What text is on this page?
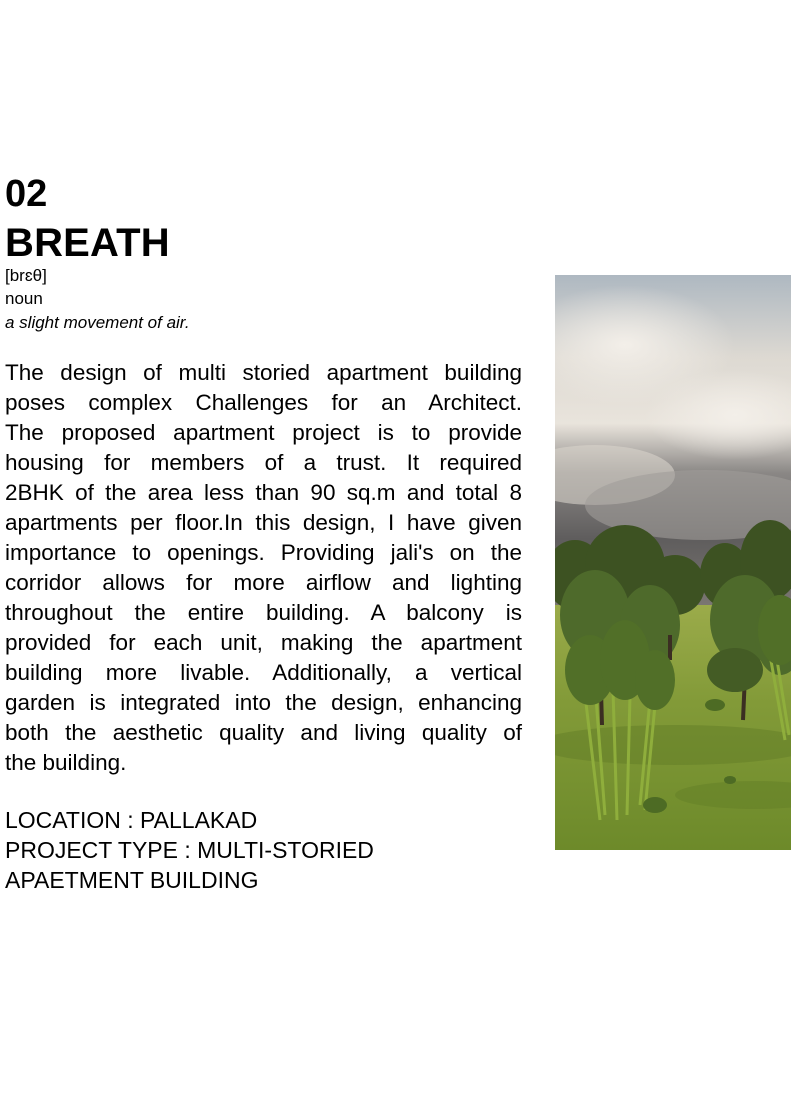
02
BREATH
[brɛθ]
noun
a slight movement of air.
The design of multi storied apartment building
poses complex Challenges for an Architect.
The proposed apartment project is to provide
housing for members of a trust. It required
2BHK of the area less than 90 sq.m and total 8
apartments per floor.In this design, I have given
importance to openings. Providing jali's on the
corridor allows for more airflow and lighting
throughout the entire building. A balcony is
provided for each unit, making the apartment
building more livable. Additionally, a vertical
garden is integrated into the design, enhancing
both the aesthetic quality and living quality of
the building.
LOCATION : PALLAKAD
PROJECT TYPE : MULTI-STORIED
APAETMENT BUILDING
